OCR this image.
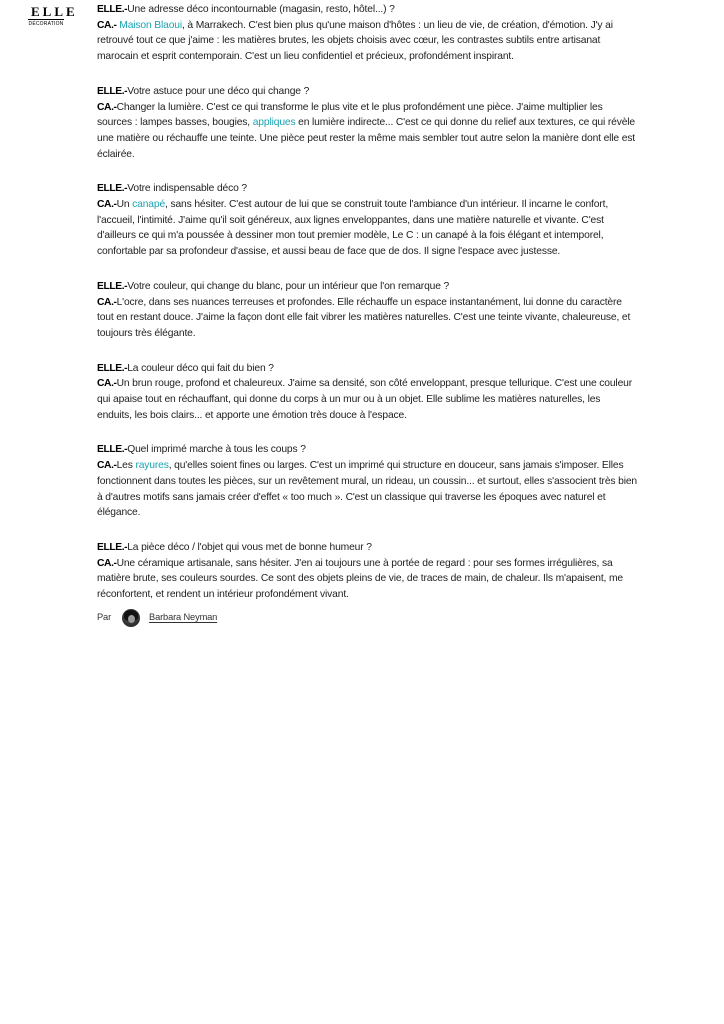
ELLE
DÉCORATION

ELLE.-Une adresse déco incontournable (magasin, resto, hôtel...) ?

CA.- Maison Blaoui, à Marrakech. C'est bien plus qu'une maison d'hôtes : un lieu de vie, de création, d'émotion. J'y ai retrouvé tout ce que j'aime : les matières brutes, les objets choisis avec cœur, les contrastes subtils entre artisanat marocain et esprit contemporain. C'est un lieu confidentiel et précieux, profondément inspirant.

ELLE.-Votre astuce pour une déco qui change ?

CA.-Changer la lumière. C'est ce qui transforme le plus vite et le plus profondément une pièce. J'aime multiplier les sources : lampes basses, bougies, appliques en lumière indirecte... C'est ce qui donne du relief aux textures, ce qui révèle une matière ou réchauffe une teinte. Une pièce peut rester la même mais sembler tout autre selon la manière dont elle est éclairée.

ELLE.-Votre indispensable déco ?

CA.-Un canapé, sans hésiter. C'est autour de lui que se construit toute l'ambiance d'un intérieur. Il incarne le confort, l'accueil, l'intimité. J'aime qu'il soit généreux, aux lignes enveloppantes, dans une matière naturelle et vivante. C'est d'ailleurs ce qui m'a poussée à dessiner mon tout premier modèle, Le C : un canapé à la fois élégant et intemporel, confortable par sa profondeur d'assise, et aussi beau de face que de dos. Il signe l'espace avec justesse.

ELLE.-Votre couleur, qui change du blanc, pour un intérieur que l'on remarque ?

CA.-L'ocre, dans ses nuances terreuses et profondes. Elle réchauffe un espace instantanément, lui donne du caractère tout en restant douce. J'aime la façon dont elle fait vibrer les matières naturelles. C'est une teinte vivante, chaleureuse, et toujours très élégante.

ELLE.-La couleur déco qui fait du bien ?

CA.-Un brun rouge, profond et chaleureux. J'aime sa densité, son côté enveloppant, presque tellurique. C'est une couleur qui apaise tout en réchauffant, qui donne du corps à un mur ou à un objet. Elle sublime les matières naturelles, les enduits, les bois clairs... et apporte une émotion très douce à l'espace.

ELLE.-Quel imprimé marche à tous les coups ?

CA.-Les rayures, qu'elles soient fines ou larges. C'est un imprimé qui structure en douceur, sans jamais s'imposer. Elles fonctionnent dans toutes les pièces, sur un revêtement mural, un rideau, un coussin... et surtout, elles s'associent très bien à d'autres motifs sans jamais créer d'effet « too much ». C'est un classique qui traverse les époques avec naturel et élégance.

ELLE.-La pièce déco / l'objet qui vous met de bonne humeur ?

CA.-Une céramique artisanale, sans hésiter. J'en ai toujours une à portée de regard : pour ses formes irrégulières, sa matière brute, ses couleurs sourdes. Ce sont des objets pleins de vie, de traces de main, de chaleur. Ils m'apaisent, me réconfortent, et rendent un intérieur profondément vivant.

Par	Barbara Neyman
